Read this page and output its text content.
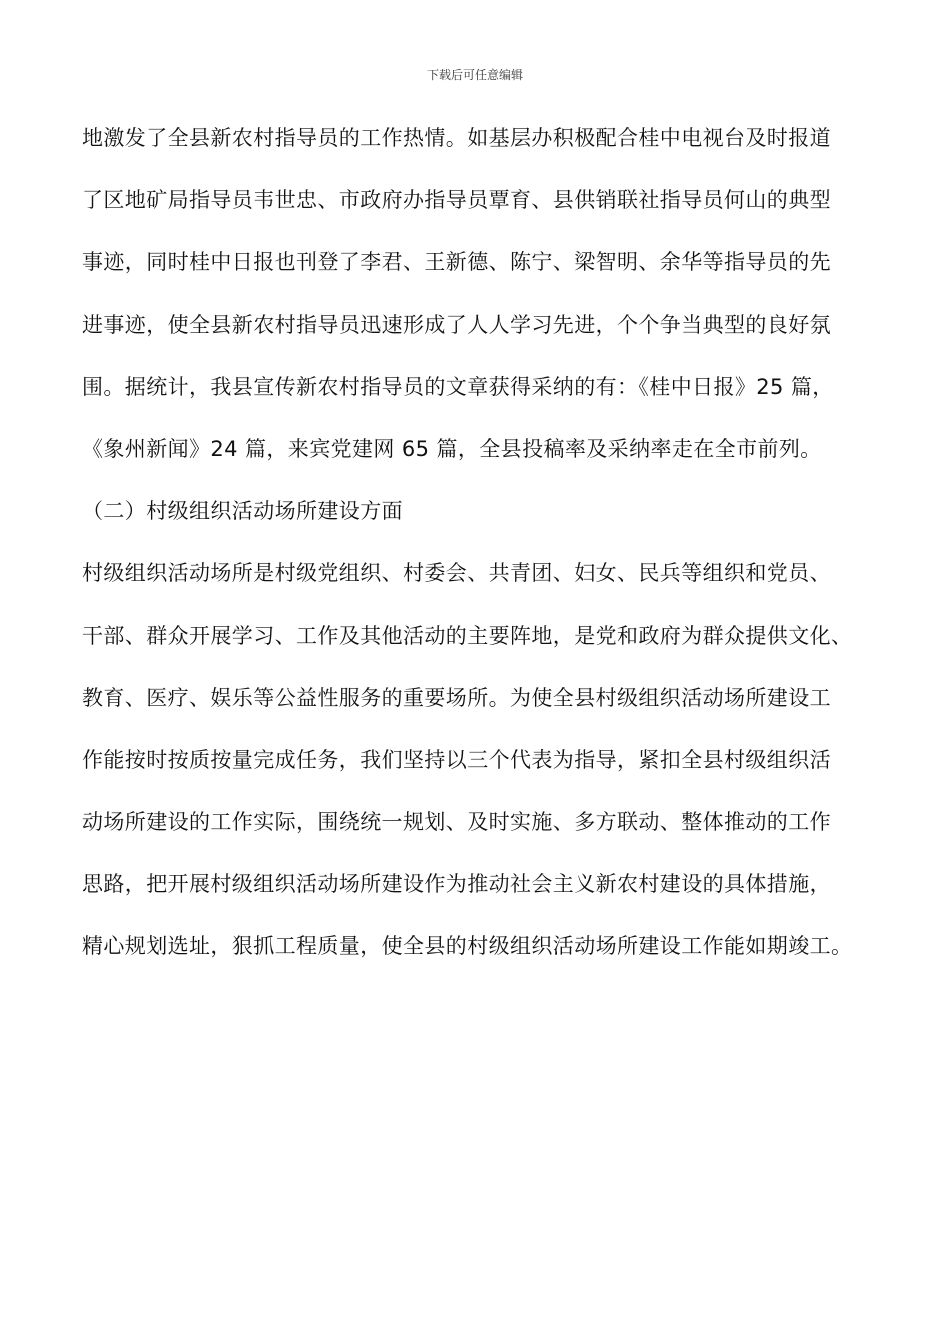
下载后可任意编辑
地激发了全县新农村指导员的工作热情。如基层办积极配合桂中电视台及时报道
了区地矿局指导员韦世忠、市政府办指导员覃育、县供销联社指导员何山的典型
事迹，同时桂中日报也刊登了李君、王新德、陈宁、梁智明、余华等指导员的先
进事迹，使全县新农村指导员迅速形成了人人学习先进，个个争当典型的良好氛
围。据统计，我县宣传新农村指导员的文章获得采纳的有：《桂中日报》25 篇，
《象州新闻》24 篇，来宾党建网 65 篇，全县投稿率及采纳率走在全市前列。
（二）村级组织活动场所建设方面
村级组织活动场所是村级党组织、村委会、共青团、妇女、民兵等组织和党员、
干部、群众开展学习、工作及其他活动的主要阵地，是党和政府为群众提供文化、
教育、医疗、娱乐等公益性服务的重要场所。为使全县村级组织活动场所建设工
作能按时按质按量完成任务，我们坚持以三个代表为指导，紧扣全县村级组织活
动场所建设的工作实际，围绕统一规划、及时实施、多方联动、整体推动的工作
思路，把开展村级组织活动场所建设作为推动社会主义新农村建设的具体措施，
精心规划选址，狠抓工程质量，使全县的村级组织活动场所建设工作能如期竣工。
